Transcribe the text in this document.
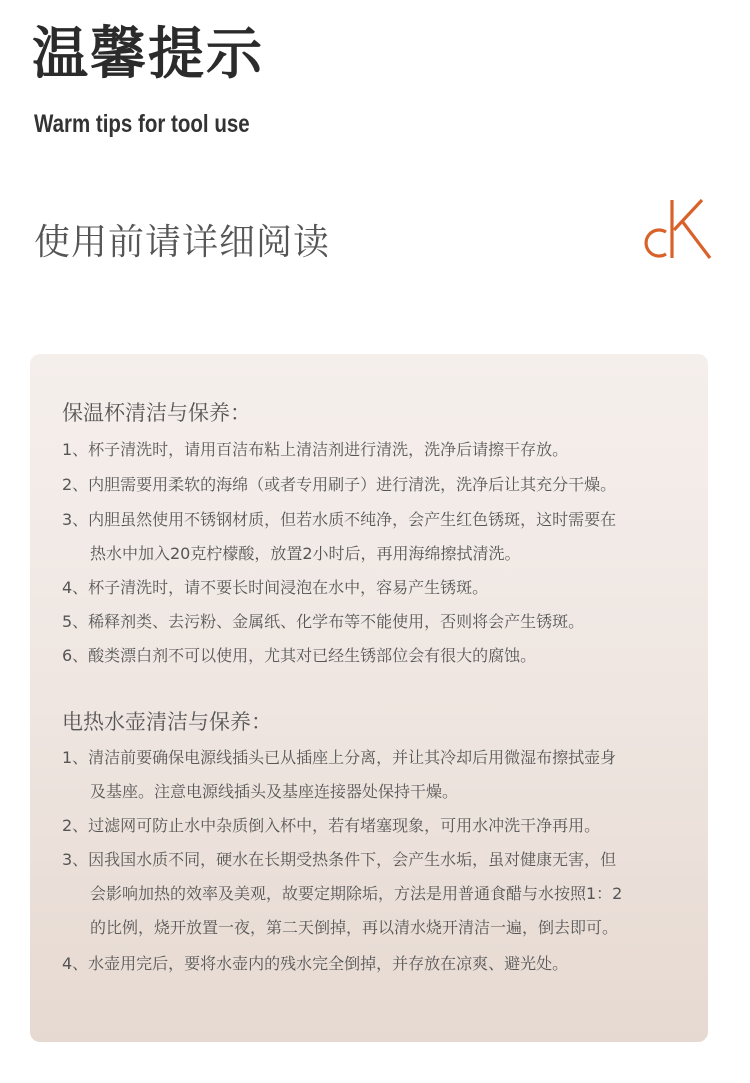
温馨提示
Warm tips for tool use
使用前请详细阅读
保温杯清洁与保养：
1、杯子清洗时，请用百洁布粘上清洁剂进行清洗，洗净后请擦干存放。
2、内胆需要用柔软的海绵（或者专用刷子）进行清洗，洗净后让其充分干燥。
3、内胆虽然使用不锈钢材质，但若水质不纯净，会产生红色锈斑，这时需要在
热水中加入20克柠檬酸，放置2小时后，再用海绵擦拭清洗。
4、杯子清洗时，请不要长时间浸泡在水中，容易产生锈斑。
5、稀释剂类、去污粉、金属纸、化学布等不能使用，否则将会产生锈斑。
6、酸类漂白剂不可以使用，尤其对已经生锈部位会有很大的腐蚀。
电热水壶清洁与保养：
1、清洁前要确保电源线插头已从插座上分离，并让其冷却后用微湿布擦拭壶身
及基座。注意电源线插头及基座连接器处保持干燥。
2、过滤网可防止水中杂质倒入杯中，若有堵塞现象，可用水冲洗干净再用。
3、因我国水质不同，硬水在长期受热条件下，会产生水垢，虽对健康无害，但
会影响加热的效率及美观，故要定期除垢，方法是用普通食醋与水按照1：2
的比例，烧开放置一夜，第二天倒掉，再以清水烧开清洁一遍，倒去即可。
4、水壶用完后，要将水壶内的残水完全倒掉，并存放在凉爽、避光处。
